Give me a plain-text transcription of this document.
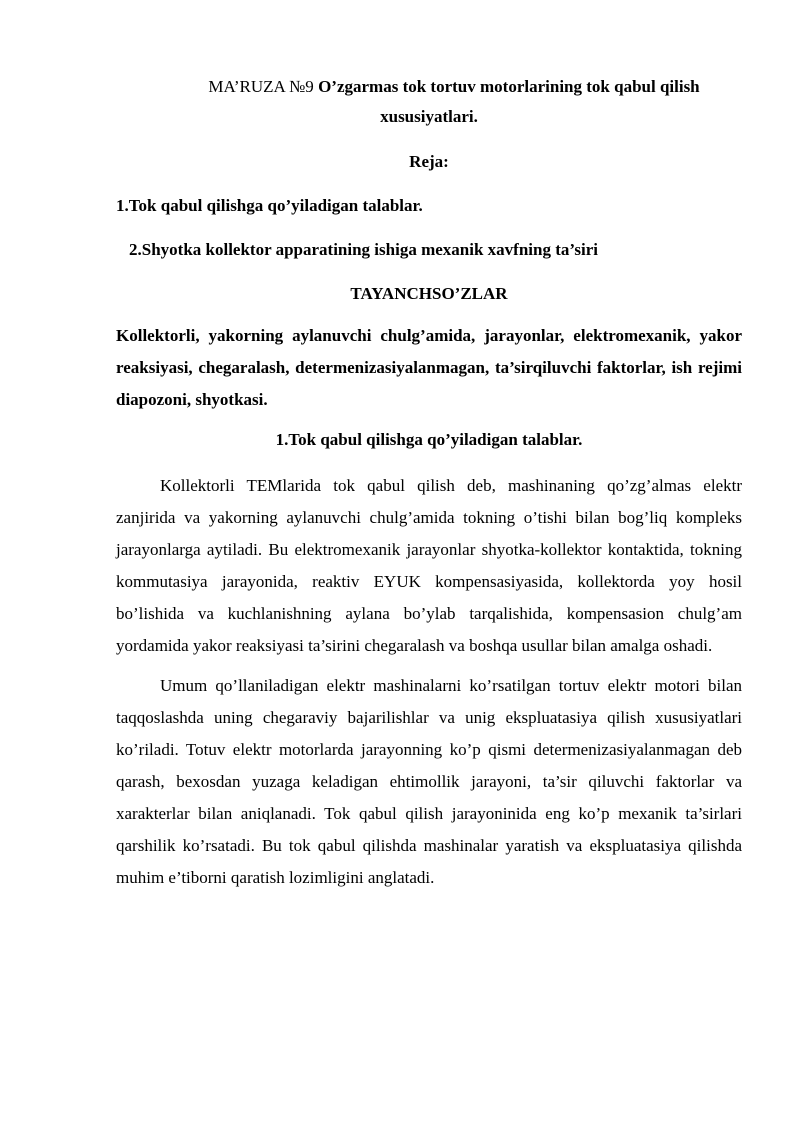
MA’RUZA №9 O’zgarmas tok tortuv motorlarining tok qabul qilish
xususiyatlari.
Reja:
1.Tok qabul qilishga qo’yiladigan talablar.
2.Shyotka kollektor apparatining ishiga mexanik xavfning ta’siri
TAYANCHSO’ZLAR
Kollektorli, yakorning aylanuvchi chulg’amida, jarayonlar, elektromexanik, yakor reaksiyasi, chegaralash, determenizasiyalanmagan, ta’sirqiluvchi faktorlar, ish rejimi diapozoni, shyotkasi.
1.Tok qabul qilishga qo’yiladigan talablar.

Kollektorli TEMlarida tok qabul qilish deb, mashinaning qo’zg’almas elektr zanjirida va yakorning aylanuvchi chulg’amida tokning o’tishi bilan bog’liq kompleks jarayonlarga aytiladi. Bu elektromexanik jarayonlar shyotka-kollektor kontaktida, tokning kommutasiya jarayonida, reaktiv EYUK kompensasiyasida, kollektorda yoy hosil bo’lishida va kuchlanishning aylana bo’ylab tarqalishida, kompensasion chulg’am yordamida yakor reaksiyasi ta’sirini chegaralash va boshqa usullar bilan amalga oshadi.

Umum qo’llaniladigan elektr mashinalarni ko’rsatilgan tortuv elektr motori bilan taqqoslashda uning chegaraviy bajarilishlar va unig ekspluatasiya qilish xususiyatlari ko’riladi. Totuv elektr motorlarda jarayonning ko’p qismi determenizasiyalanmagan deb qarash, bexosdan yuzaga keladigan ehtimollik jarayoni, ta’sir qiluvchi faktorlar va xarakterlar bilan aniqlanadi. Tok qabul qilish jarayoninida eng ko’p mexanik ta’sirlari qarshilik ko’rsatadi. Bu tok qabul qilishda mashinalar yaratish va ekspluatasiya qilishda muhim e’tiborni qaratish lozimligini anglatadi.
